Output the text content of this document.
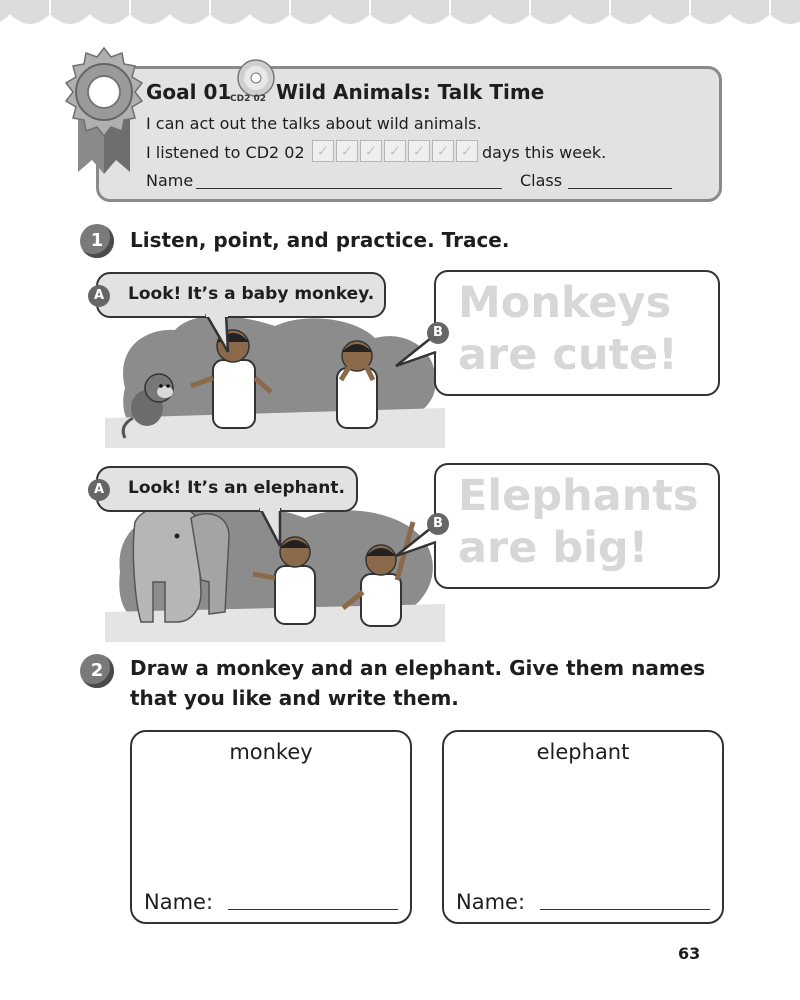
Goal 01
CD2 02 Wild Animals: Talk Time
I can act out the talks about wild animals.
I listened to CD2 02 ✓ ✓ ✓ ✓ ✓ ✓ ✓ days this week.
Name	Class
1	Listen, point, and practice. Trace.
Look! It’s a baby monkey.
A	Monkeys
are cute!
B
Look! It’s an elephant.
A	Elephants
are big!
B
2	Draw a monkey and an elephant. Give them names
that you like and write them.
monkey
Name:
elephant
Name:
63
